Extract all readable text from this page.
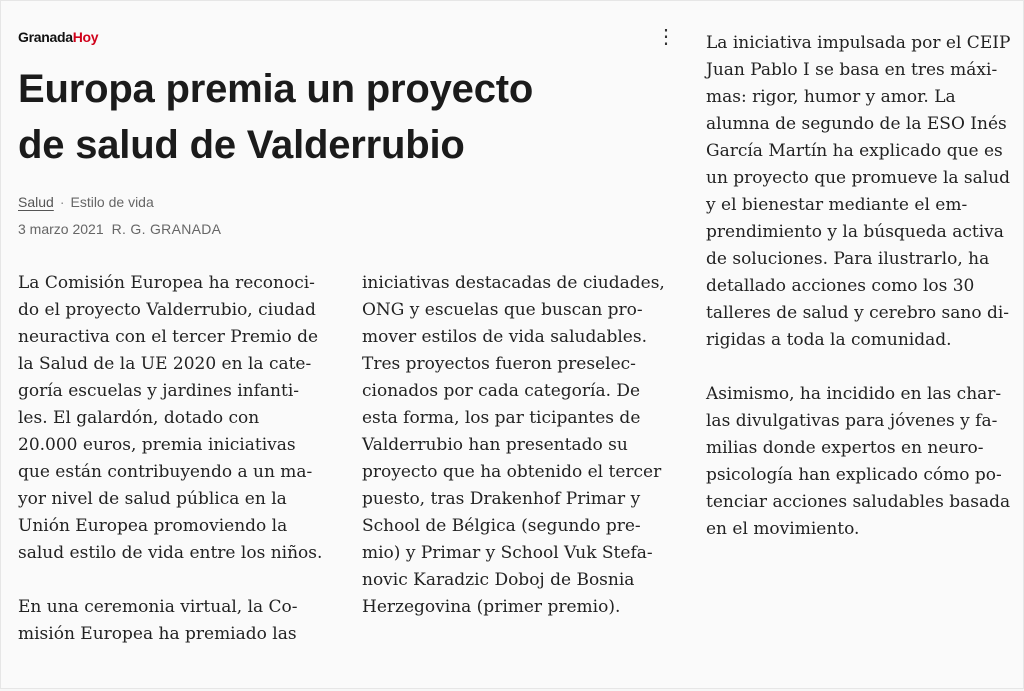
GranadaHoy	⋮
Europa premia un proyecto
de salud de Valderrubio
Salud · Estilo de vida
3 marzo 2021 R. G. GRANADA

La Comisión Europea ha reconoci-
do el proyecto Valderrubio, ciudad
neuractiva con el tercer Premio de
la Salud de la UE 2020 en la cate-
goría escuelas y jardines infanti-
les. El galardón, dotado con
20.000 euros, premia iniciativas
que están contribuyendo a un ma-
yor nivel de salud pública en la
Unión Europea promoviendo la
salud estilo de vida entre los niños.

En una ceremonia virtual, la Co-
misión Europea ha premiado las

iniciativas destacadas de ciudades,
ONG y escuelas que buscan pro-
mover estilos de vida saludables.
Tres proyectos fueron preselec-
cionados por cada categoría. De
esta forma, los par ticipantes de
Valderrubio han presentado su
proyecto que ha obtenido el tercer
puesto, tras Drakenhof Primar y
School de Bélgica (segundo pre-
mio) y Primar y School Vuk Stefa-
novic Karadzic Doboj de Bosnia
Herzegovina (primer premio).

La iniciativa impulsada por el CEIP
Juan Pablo I se basa en tres máxi-
mas: rigor, humor y amor. La
alumna de segundo de la ESO Inés
García Martín ha explicado que es
un proyecto que promueve la salud
y el bienestar mediante el em-
prendimiento y la búsqueda activa
de soluciones. Para ilustrarlo, ha
detallado acciones como los 30
talleres de salud y cerebro sano di-
rigidas a toda la comunidad.

Asimismo, ha incidido en las char-
las divulgativas para jóvenes y fa-
milias donde expertos en neuro-
psicología han explicado cómo po-
tenciar acciones saludables basada
en el movimiento.
